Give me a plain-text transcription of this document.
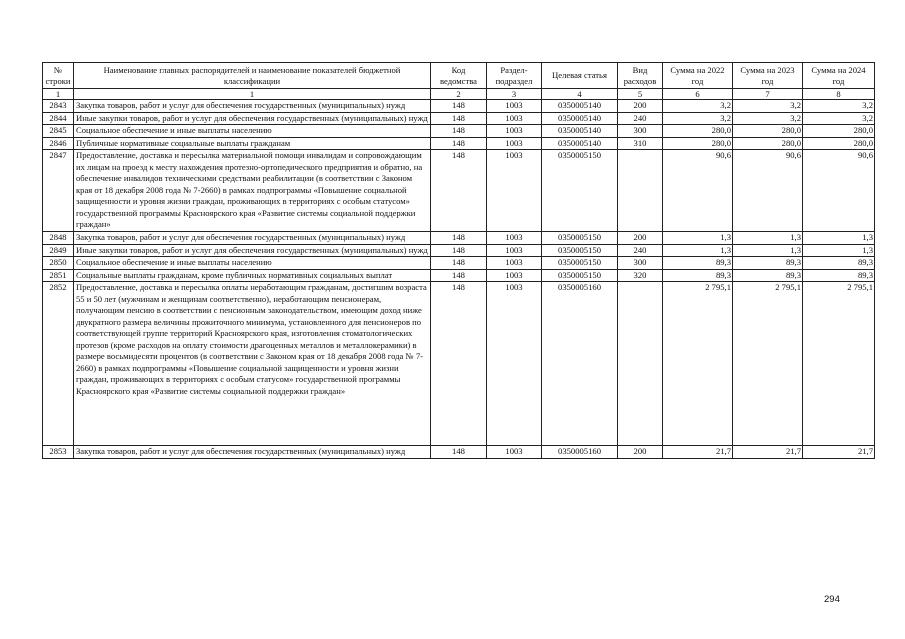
№ строки	Наименование главных распорядителей и наименование показателей бюджетной классификации	Код ведомства	Раздел-подраздел	Целевая статья	Вид расходов	Сумма на 2022 год	Сумма на 2023 год	Сумма на 2024 год
1	1	2	3	4	5	6	7	8
2843	Закупка товаров, работ и услуг для обеспечения государственных (муниципальных) нужд	148	1003	0350005140	200	3,2	3,2	3,2
2844	Иные закупки товаров, работ и услуг для обеспечения государственных (муниципальных) нужд	148	1003	0350005140	240	3,2	3,2	3,2
2845	Социальное обеспечение и иные выплаты населению	148	1003	0350005140	300	280,0	280,0	280,0
2846	Публичные нормативные социальные выплаты гражданам	148	1003	0350005140	310	280,0	280,0	280,0
2847	Предоставление, доставка и пересылка материальной помощи инвалидам и сопровождающим их лицам на проезд к месту нахождения протезно-ортопедического предприятия и обратно, на обеспечение инвалидов техническими средствами реабилитации (в соответствии с Законом края от 18 декабря 2008 года № 7-2660) в рамках подпрограммы «Повышение социальной защищенности и уровня жизни граждан, проживающих в территориях с особым статусом» государственной программы Красноярского края «Развитие системы социальной поддержки граждан»	148	1003	0350005150		90,6	90,6	90,6
2848	Закупка товаров, работ и услуг для обеспечения государственных (муниципальных) нужд	148	1003	0350005150	200	1,3	1,3	1,3
2849	Иные закупки товаров, работ и услуг для обеспечения государственных (муниципальных) нужд	148	1003	0350005150	240	1,3	1,3	1,3
2850	Социальное обеспечение и иные выплаты населению	148	1003	0350005150	300	89,3	89,3	89,3
2851	Социальные выплаты гражданам, кроме публичных нормативных социальных выплат	148	1003	0350005150	320	89,3	89,3	89,3
2852	Предоставление, доставка и пересылка оплаты неработающим гражданам, достигшим возраста 55 и 50 лет (мужчинам и женщинам соответственно), неработающим пенсионерам, получающим пенсию в соответствии с пенсионным законодательством, имеющим доход ниже двукратного размера величины прожиточного минимума, установленного для пенсионеров по соответствующей группе территорий Красноярского края, изготовления стоматологических протезов (кроме расходов на оплату стоимости драгоценных металлов и металлокерамики) в размере восьмидесяти процентов (в соответствии с Законом края от 18 декабря 2008 года № 7-2660) в рамках подпрограммы «Повышение социальной защищенности и уровня жизни граждан, проживающих в территориях с особым статусом» государственной программы Красноярского края «Развитие системы социальной поддержки граждан»	148	1003	0350005160		2 795,1	2 795,1	2 795,1
2853	Закупка товаров, работ и услуг для обеспечения государственных (муниципальных) нужд	148	1003	0350005160	200	21,7	21,7	21,7
294
